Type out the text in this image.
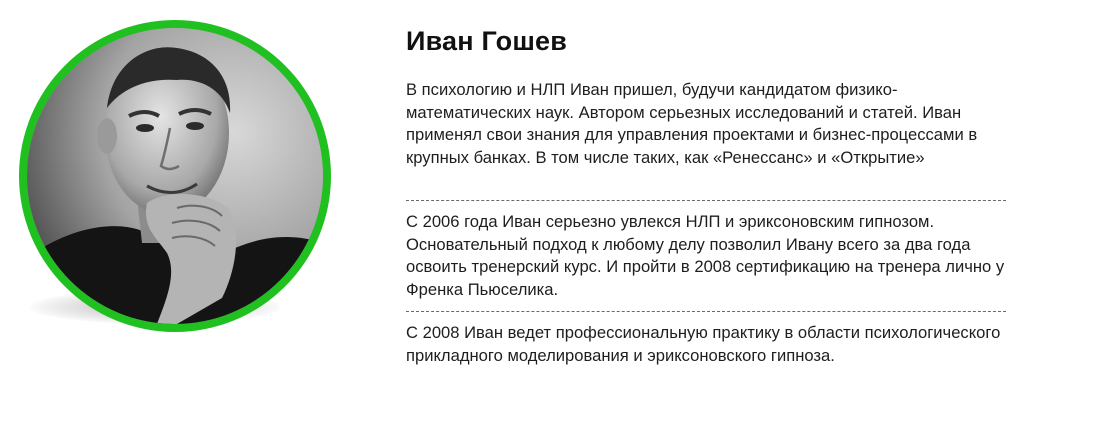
Иван Гошев

В психологию и НЛП Иван пришел, будучи кандидатом физико-математических наук. Автором серьезных исследований и статей. Иван применял свои знания для управления проектами и бизнес-процессами в крупных банках. В том числе таких, как «Ренессанс» и «Открытие»

С 2006 года Иван серьезно увлекся НЛП и эриксоновским гипнозом. Основательный подход к любому делу позволил Ивану всего за два года освоить тренерский курс. И пройти в 2008 сертификацию на тренера лично у Френка Пьюселика.

С 2008 Иван ведет профессиональную практику в области психологического прикладного моделирования и эриксоновского гипноза.
